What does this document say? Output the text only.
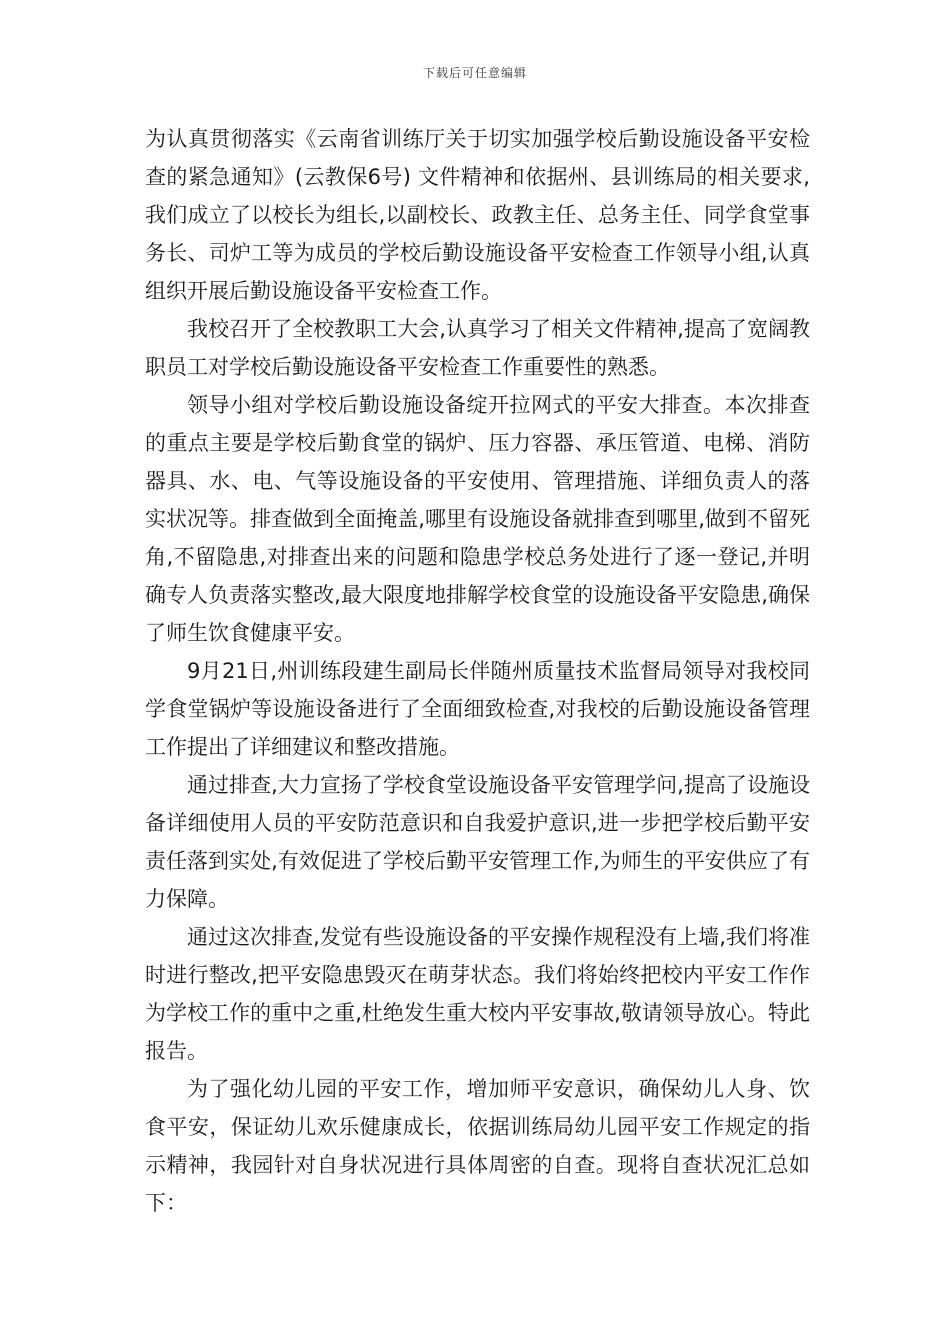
下载后可任意编辑

为认真贯彻落实《云南省训练厅关于切实加强学校后勤设施设备平安检查的紧急通知》(云教保6号) 文件精神和依据州、县训练局的相关要求,我们成立了以校长为组长,以副校长、政教主任、总务主任、同学食堂事务长、司炉工等为成员的学校后勤设施设备平安检查工作领导小组,认真组织开展后勤设施设备平安检查工作。

我校召开了全校教职工大会,认真学习了相关文件精神,提高了宽阔教职员工对学校后勤设施设备平安检查工作重要性的熟悉。

领导小组对学校后勤设施设备绽开拉网式的平安大排查。本次排查的重点主要是学校后勤食堂的锅炉、压力容器、承压管道、电梯、消防器具、水、电、气等设施设备的平安使用、管理措施、详细负责人的落实状况等。排查做到全面掩盖,哪里有设施设备就排查到哪里,做到不留死角,不留隐患,对排查出来的问题和隐患学校总务处进行了逐一登记,并明确专人负责落实整改,最大限度地排解学校食堂的设施设备平安隐患,确保了师生饮食健康平安。

9月21日,州训练段建生副局长伴随州质量技术监督局领导对我校同学食堂锅炉等设施设备进行了全面细致检查,对我校的后勤设施设备管理工作提出了详细建议和整改措施。

通过排查,大力宣扬了学校食堂设施设备平安管理学问,提高了设施设备详细使用人员的平安防范意识和自我爱护意识,进一步把学校后勤平安责任落到实处,有效促进了学校后勤平安管理工作,为师生的平安供应了有力保障。

通过这次排查,发觉有些设施设备的平安操作规程没有上墙,我们将准时进行整改,把平安隐患毁灭在萌芽状态。我们将始终把校内平安工作作为学校工作的重中之重,杜绝发生重大校内平安事故,敬请领导放心。特此报告。

为了强化幼儿园的平安工作，增加师平安意识，确保幼儿人身、饮食平安，保证幼儿欢乐健康成长，依据训练局幼儿园平安工作规定的指示精神，我园针对自身状况进行具体周密的自查。现将自查状况汇总如下：
